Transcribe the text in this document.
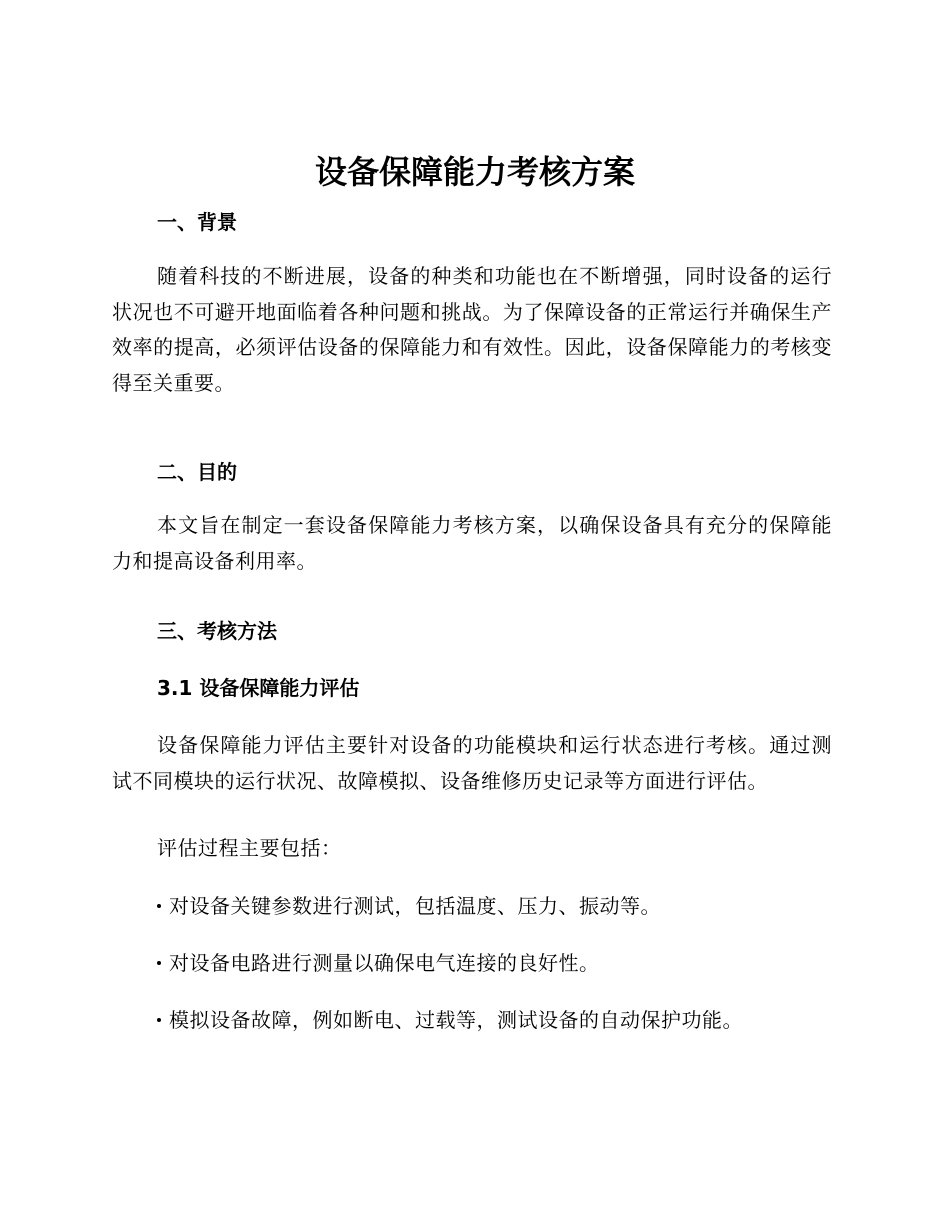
设备保障能力考核方案
一、背景
随着科技的不断进展，设备的种类和功能也在不断增强，同时设备的运行状况也不可避开地面临着各种问题和挑战。为了保障设备的正常运行并确保生产效率的提高，必须评估设备的保障能力和有效性。因此，设备保障能力的考核变得至关重要。
二、目的
本文旨在制定一套设备保障能力考核方案，以确保设备具有充分的保障能力和提高设备利用率。
三、考核方法
3.1 设备保障能力评估
设备保障能力评估主要针对设备的功能模块和运行状态进行考核。通过测试不同模块的运行状况、故障模拟、设备维修历史记录等方面进行评估。
评估过程主要包括：
对设备关键参数进行测试，包括温度、压力、振动等。
对设备电路进行测量以确保电气连接的良好性。
模拟设备故障，例如断电、过载等，测试设备的自动保护功能。
